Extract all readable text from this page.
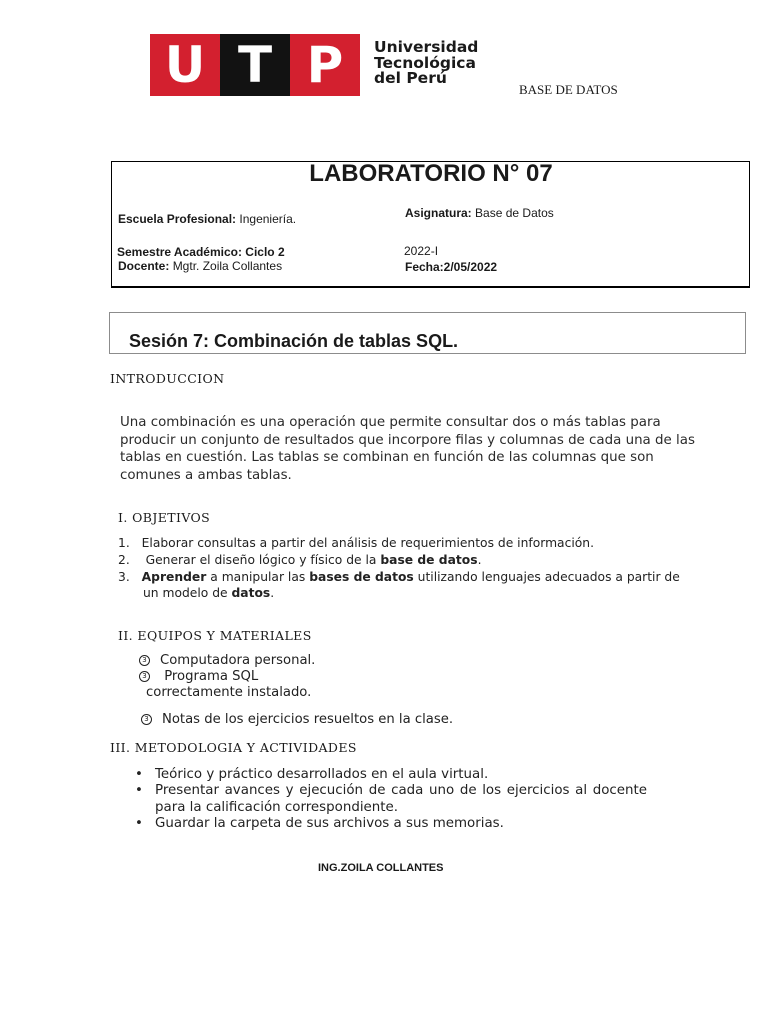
U T P	Universidad
Tecnológica
del Perú
BASE DE DATOS
LABORATORIO N° 07
Escuela Profesional: Ingeniería.	Asignatura: Base de Datos
Semestre Académico: Ciclo 2	2022-I
Docente: Mgtr. Zoila Collantes	Fecha:2/05/2022
Sesión 7: Combinación de tablas SQL.
INTRODUCCION
Una combinación es una operación que permite consultar dos o más tablas para producir un conjunto de resultados que incorpore filas y columnas de cada una de las tablas en cuestión. Las tablas se combinan en función de las columnas que son comunes a ambas tablas.
I. OBJETIVOS
1. Elaborar consultas a partir del análisis de requerimientos de información.
2.  Generar el diseño lógico y físico de la base de datos.
3. Aprender a manipular las bases de datos utilizando lenguajes adecuados a partir de
un modelo de datos.
II. EQUIPOS Y MATERIALES
3 Computadora personal.
3 Programa SQL
correctamente instalado.
3 Notas de los ejercicios resueltos en la clase.
III. METODOLOGIA Y ACTIVIDADES
• Teórico y práctico desarrollados en el aula virtual.
• Presentar avances y ejecución de cada uno de los ejercicios al docente para la calificación correspondiente.
• Guardar la carpeta de sus archivos a sus memorias.
ING.ZOILA COLLANTES
